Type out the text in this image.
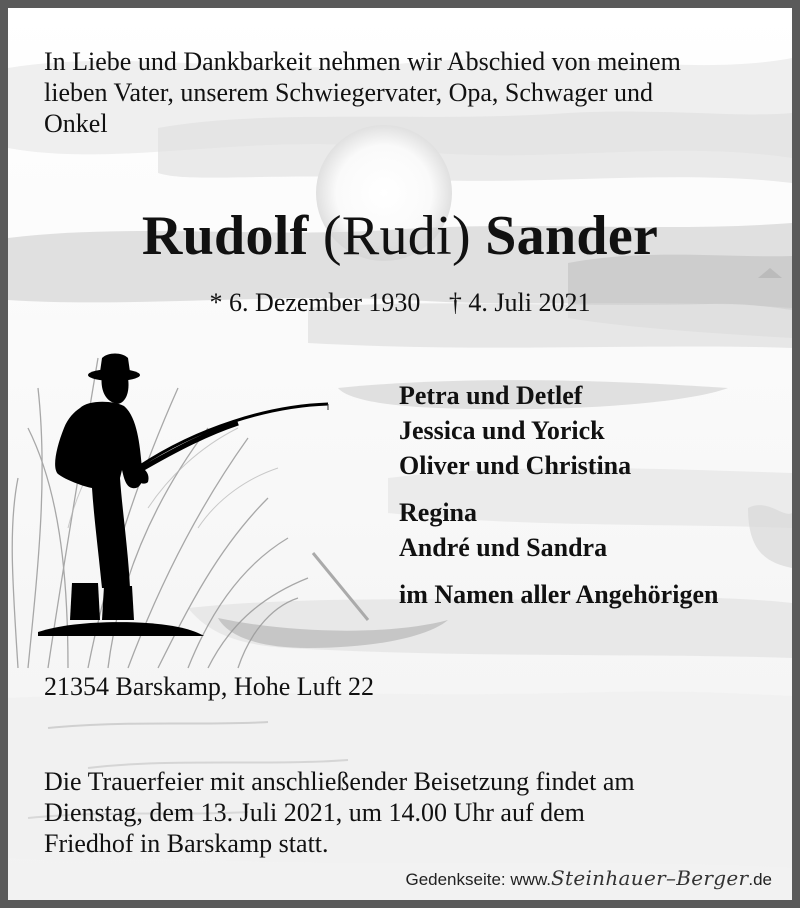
In Liebe und Dankbarkeit nehmen wir Abschied von meinem
lieben Vater, unserem Schwiegervater, Opa, Schwager und
Onkel
Rudolf (Rudi) Sander
* 6. Dezember 1930 † 4. Juli 2021
Petra und Detlef
Jessica und Yorick
Oliver und Christina
Regina
André und Sandra
im Namen aller Angehörigen
21354 Barskamp, Hohe Luft 22
Die Trauerfeier mit anschließender Beisetzung findet am
Dienstag, dem 13. Juli 2021, um 14.00 Uhr auf dem
Friedhof in Barskamp statt.
Gedenkseite: www.Steinhauer–Berger.de
